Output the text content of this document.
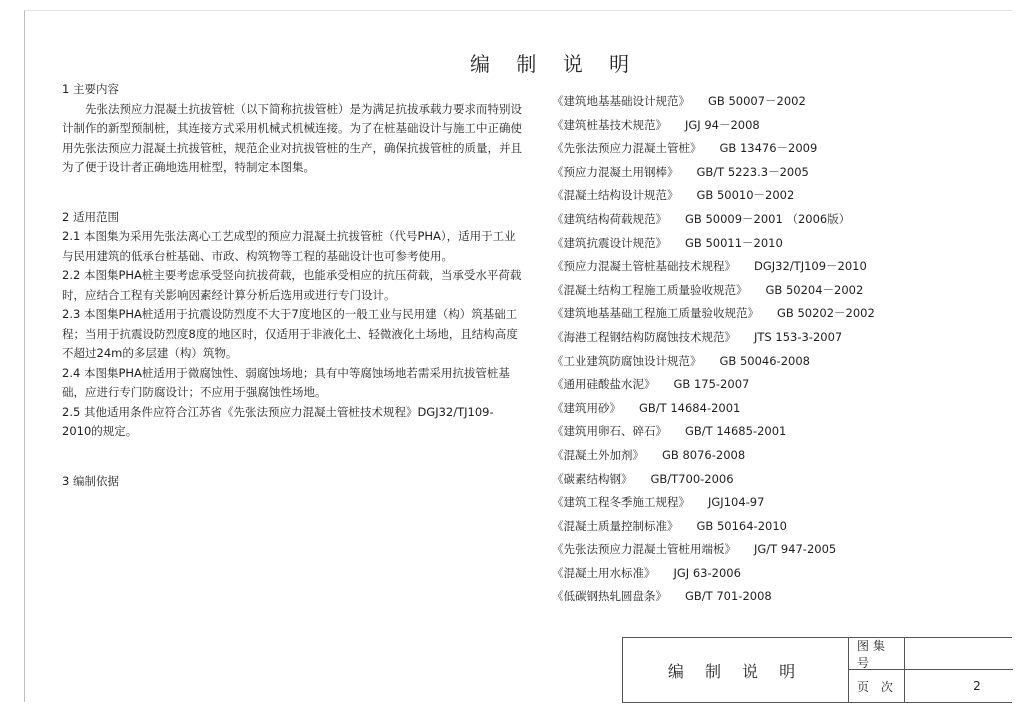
编 制 说 明

1 主要内容

先张法预应力混凝土抗拔管桩（以下简称抗拔管桩）是为满足抗拔承载力要求而特别设计制作的新型预制桩，其连接方式采用机械式机械连接。为了在桩基础设计与施工中正确使用先张法预应力混凝土抗拔管桩，规范企业对抗拔管桩的生产，确保抗拔管桩的质量，并且为了便于设计者正确地选用桩型，特制定本图集。

2 适用范围

2.1 本图集为采用先张法离心工艺成型的预应力混凝土抗拔管桩（代号PHA），适用于工业与民用建筑的低承台桩基础、市政、构筑物等工程的基础设计也可参考使用。

2.2 本图集PHA桩主要考虑承受竖向抗拔荷载，也能承受相应的抗压荷载，当承受水平荷载时，应结合工程有关影响因素经计算分析后选用或进行专门设计。

2.3 本图集PHA桩适用于抗震设防烈度不大于7度地区的一般工业与民用建（构）筑基础工程；当用于抗震设防烈度8度的地区时，仅适用于非液化土、轻微液化土场地，且结构高度不超过24m的多层建（构）筑物。

2.4 本图集PHA桩适用于微腐蚀性、弱腐蚀场地；具有中等腐蚀场地若需采用抗拔管桩基础，应进行专门防腐设计；不应用于强腐蚀性场地。

2.5 其他适用条件应符合江苏省《先张法预应力混凝土管桩技术规程》DGJ32/TJ109-2010的规定。

3 编制依据

《建筑地基基础设计规范》 GB 50007－2002
《建筑桩基技术规范》 JGJ 94－2008
《先张法预应力混凝土管桩》 GB 13476－2009
《预应力混凝土用钢棒》 GB/T 5223.3－2005
《混凝土结构设计规范》 GB 50010－2002
《建筑结构荷载规范》 GB 50009－2001 （2006版）
《建筑抗震设计规范》 GB 50011－2010
《预应力混凝土管桩基础技术规程》 DGJ32/TJ109－2010
《混凝土结构工程施工质量验收规范》 GB 50204－2002
《建筑地基基础工程施工质量验收规范》 GB 50202－2002
《海港工程钢结构防腐蚀技术规范》 JTS 153-3-2007
《工业建筑防腐蚀设计规范》 GB 50046-2008
《通用硅酸盐水泥》 GB 175-2007
《建筑用砂》 GB/T 14684-2001
《建筑用卵石、碎石》 GB/T 14685-2001
《混凝土外加剂》 GB 8076-2008
《碳素结构钢》 GB/T700-2006
《建筑工程冬季施工规程》 JGJ104-97
《混凝土质量控制标准》 GB 50164-2010
《先张法预应力混凝土管桩用端板》 JG/T 947-2005
《混凝土用水标准》 JGJ 63-2006
《低碳钢热轧圆盘条》 GB/T 701-2008
编 制 说 明
图集号
页 次	2
